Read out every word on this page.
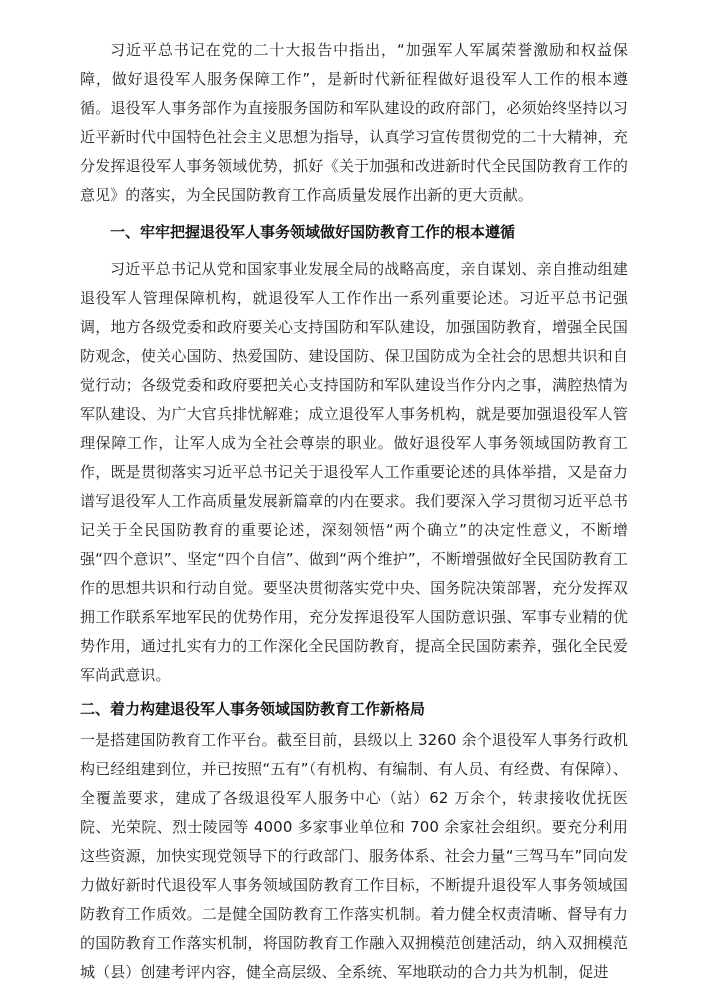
习近平总书记在党的二十大报告中指出，“加强军人军属荣誉激励和权益保障，做好退役军人服务保障工作”，是新时代新征程做好退役军人工作的根本遵循。退役军人事务部作为直接服务国防和军队建设的政府部门，必须始终坚持以习近平新时代中国特色社会主义思想为指导，认真学习宣传贯彻党的二十大精神，充分发挥退役军人事务领域优势，抓好《关于加强和改进新时代全民国防教育工作的意见》的落实，为全民国防教育工作高质量发展作出新的更大贡献。

一、牢牢把握退役军人事务领域做好国防教育工作的根本遵循

习近平总书记从党和国家事业发展全局的战略高度，亲自谋划、亲自推动组建退役军人管理保障机构，就退役军人工作作出一系列重要论述。习近平总书记强调，地方各级党委和政府要关心支持国防和军队建设，加强国防教育，增强全民国防观念，使关心国防、热爱国防、建设国防、保卫国防成为全社会的思想共识和自觉行动；各级党委和政府要把关心支持国防和军队建设当作分内之事，满腔热情为军队建设、为广大官兵排忧解难；成立退役军人事务机构，就是要加强退役军人管理保障工作，让军人成为全社会尊崇的职业。做好退役军人事务领域国防教育工作，既是贯彻落实习近平总书记关于退役军人工作重要论述的具体举措，又是奋力谱写退役军人工作高质量发展新篇章的内在要求。我们要深入学习贯彻习近平总书记关于全民国防教育的重要论述，深刻领悟“两个确立”的决定性意义，不断增强“四个意识”、坚定“四个自信”、做到“两个维护”，不断增强做好全民国防教育工作的思想共识和行动自觉。要坚决贯彻落实党中央、国务院决策部署，充分发挥双拥工作联系军地军民的优势作用，充分发挥退役军人国防意识强、军事专业精的优势作用，通过扎实有力的工作深化全民国防教育，提高全民国防素养，强化全民爱军尚武意识。

二、着力构建退役军人事务领域国防教育工作新格局

一是搭建国防教育工作平台。截至目前，县级以上 3260 余个退役军人事务行政机构已经组建到位，并已按照“五有”（有机构、有编制、有人员、有经费、有保障）、全覆盖要求，建成了各级退役军人服务中心（站）62 万余个，转隶接收优抚医院、光荣院、烈士陵园等 4000 多家事业单位和 700 余家社会组织。要充分利用这些资源，加快实现党领导下的行政部门、服务体系、社会力量“三驾马车”同向发力做好新时代退役军人事务领域国防教育工作目标，不断提升退役军人事务领域国防教育工作质效。二是健全国防教育工作落实机制。着力健全权责清晰、督导有力的国防教育工作落实机制，将国防教育工作融入双拥模范创建活动，纳入双拥模范城（县）创建考评内容，健全高层级、全系统、军地联动的合力共为机制，促进
